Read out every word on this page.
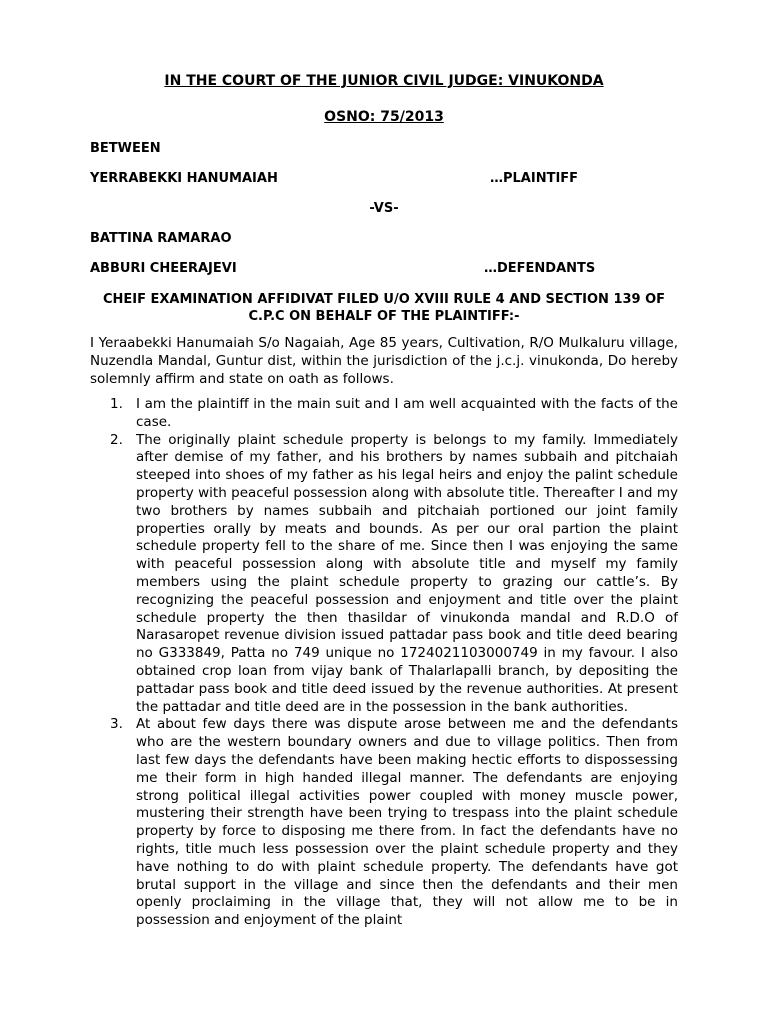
IN THE COURT OF THE JUNIOR CIVIL JUDGE: VINUKONDA
OSNO: 75/2013
BETWEEN
YERRABEKKI HANUMAIAH	…PLAINTIFF
-VS-
BATTINA RAMARAO
ABBURI CHEERAJEVI	…DEFENDANTS
CHEIF EXAMINATION AFFIDIVAT FILED U/O XVIII RULE 4 AND SECTION 139 OF C.P.C ON BEHALF OF THE PLAINTIFF:-

I Yeraabekki Hanumaiah S/o Nagaiah, Age 85 years, Cultivation, R/O Mulkaluru village, Nuzendla Mandal, Guntur dist, within the jurisdiction of the j.c.j. vinukonda, Do hereby solemnly affirm and state on oath as follows.

1. I am the plaintiff in the main suit and I am well acquainted with the facts of the case.
2. The originally plaint schedule property is belongs to my family. Immediately after demise of my father, and his brothers by names subbaih and pitchaiah steeped into shoes of my father as his legal heirs and enjoy the palint schedule property with peaceful possession along with absolute title. Thereafter I and my two brothers by names subbaih and pitchaiah portioned our joint family properties orally by meats and bounds. As per our oral partion the plaint schedule property fell to the share of me. Since then I was enjoying the same with peaceful possession along with absolute title and myself my family members using the plaint schedule property to grazing our cattle’s. By recognizing the peaceful possession and enjoyment and title over the plaint schedule property the then thasildar of vinukonda mandal and R.D.O of Narasaropet revenue division issued pattadar pass book and title deed bearing no G333849, Patta no 749 unique no 1724021103000749 in my favour. I also obtained crop loan from vijay bank of Thalarlapalli branch, by depositing the pattadar pass book and title deed issued by the revenue authorities. At present the pattadar and title deed are in the possession in the bank authorities.
3. At about few days there was dispute arose between me and the defendants who are the western boundary owners and due to village politics. Then from last few days the defendants have been making hectic efforts to dispossessing me their form in high handed illegal manner. The defendants are enjoying strong political illegal activities power coupled with money muscle power, mustering their strength have been trying to trespass into the plaint schedule property by force to disposing me there from. In fact the defendants have no rights, title much less possession over the plaint schedule property and they have nothing to do with plaint schedule property. The defendants have got brutal support in the village and since then the defendants and their men openly proclaiming in the village that, they will not allow me to be in possession and enjoyment of the plaint
